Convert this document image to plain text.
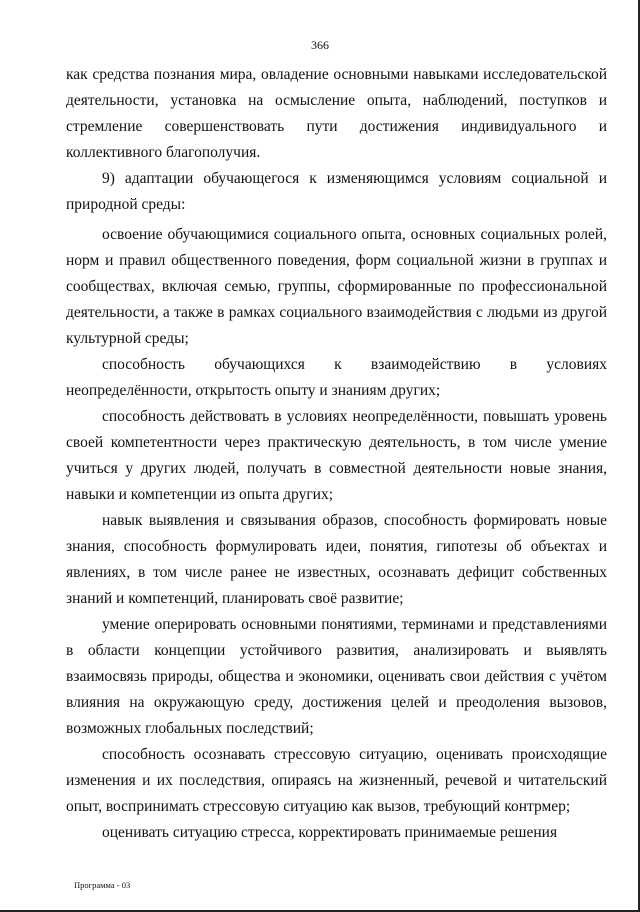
366

как средства познания мира, овладение основными навыками исследовательской деятельности, установка на осмысление опыта, наблюдений, поступков и стремление совершенствовать пути достижения индивидуального и коллективного благополучия.

9) адаптации обучающегося к изменяющимся условиям социальной и природной среды:

освоение обучающимися социального опыта, основных социальных ролей, норм и правил общественного поведения, форм социальной жизни в группах и сообществах, включая семью, группы, сформированные по профессиональной деятельности, а также в рамках социального взаимодействия с людьми из другой культурной среды;

способность обучающихся к взаимодействию в условиях неопределённости, открытость опыту и знаниям других;

способность действовать в условиях неопределённости, повышать уровень своей компетентности через практическую деятельность, в том числе умение учиться у других людей, получать в совместной деятельности новые знания, навыки и компетенции из опыта других;

навык выявления и связывания образов, способность формировать новые знания, способность формулировать идеи, понятия, гипотезы об объектах и явлениях, в том числе ранее не известных, осознавать дефицит собственных знаний и компетенций, планировать своё развитие;

умение оперировать основными понятиями, терминами и представлениями в области концепции устойчивого развития, анализировать и выявлять взаимосвязь природы, общества и экономики, оценивать свои действия с учётом влияния на окружающую среду, достижения целей и преодоления вызовов, возможных глобальных последствий;

способность осознавать стрессовую ситуацию, оценивать происходящие изменения и их последствия, опираясь на жизненный, речевой и читательский опыт, воспринимать стрессовую ситуацию как вызов, требующий контрмер;

оценивать ситуацию стресса, корректировать принимаемые решения

Программа - 03
